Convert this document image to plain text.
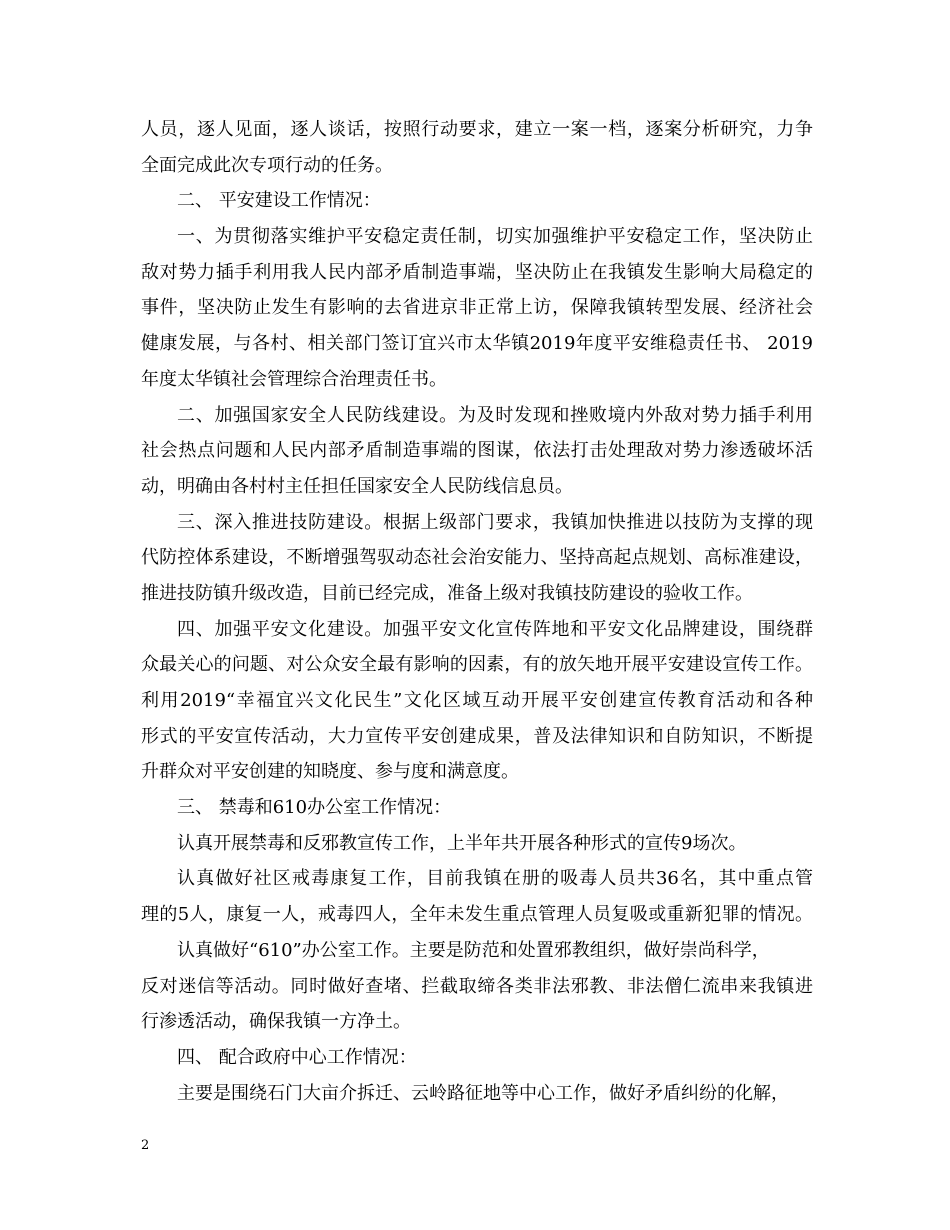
人员，逐人见面，逐人谈话，按照行动要求，建立一案一档，逐案分析研究，力争
全面完成此次专项行动的任务。
二、 平安建设工作情况：
一、为贯彻落实维护平安稳定责任制，切实加强维护平安稳定工作，坚决防止
敌对势力插手利用我人民内部矛盾制造事端，坚决防止在我镇发生影响大局稳定的
事件，坚决防止发生有影响的去省进京非正常上访，保障我镇转型发展、经济社会
健康发展，与各村、相关部门签订宜兴市太华镇2019年度平安维稳责任书、 2019
年度太华镇社会管理综合治理责任书。
二、加强国家安全人民防线建设。为及时发现和挫败境内外敌对势力插手利用
社会热点问题和人民内部矛盾制造事端的图谋，依法打击处理敌对势力渗透破坏活
动，明确由各村村主任担任国家安全人民防线信息员。
三、深入推进技防建设。根据上级部门要求，我镇加快推进以技防为支撑的现
代防控体系建设，不断增强驾驭动态社会治安能力、坚持高起点规划、高标准建设，
推进技防镇升级改造，目前已经完成，准备上级对我镇技防建设的验收工作。
四、加强平安文化建设。加强平安文化宣传阵地和平安文化品牌建设，围绕群
众最关心的问题、对公众安全最有影响的因素，有的放矢地开展平安建设宣传工作。
利用2019“幸福宜兴文化民生”文化区域互动开展平安创建宣传教育活动和各种
形式的平安宣传活动，大力宣传平安创建成果，普及法律知识和自防知识，不断提
升群众对平安创建的知晓度、参与度和满意度。
三、 禁毒和610办公室工作情况：
认真开展禁毒和反邪教宣传工作，上半年共开展各种形式的宣传9场次。
认真做好社区戒毒康复工作，目前我镇在册的吸毒人员共36名，其中重点管
理的5人，康复一人，戒毒四人，全年未发生重点管理人员复吸或重新犯罪的情况。
认真做好“610”办公室工作。主要是防范和处置邪教组织，做好崇尚科学，
反对迷信等活动。同时做好查堵、拦截取缔各类非法邪教、非法僧仁流串来我镇进
行渗透活动，确保我镇一方净土。
四、 配合政府中心工作情况：
主要是围绕石门大亩介拆迁、云岭路征地等中心工作，做好矛盾纠纷的化解，
2
